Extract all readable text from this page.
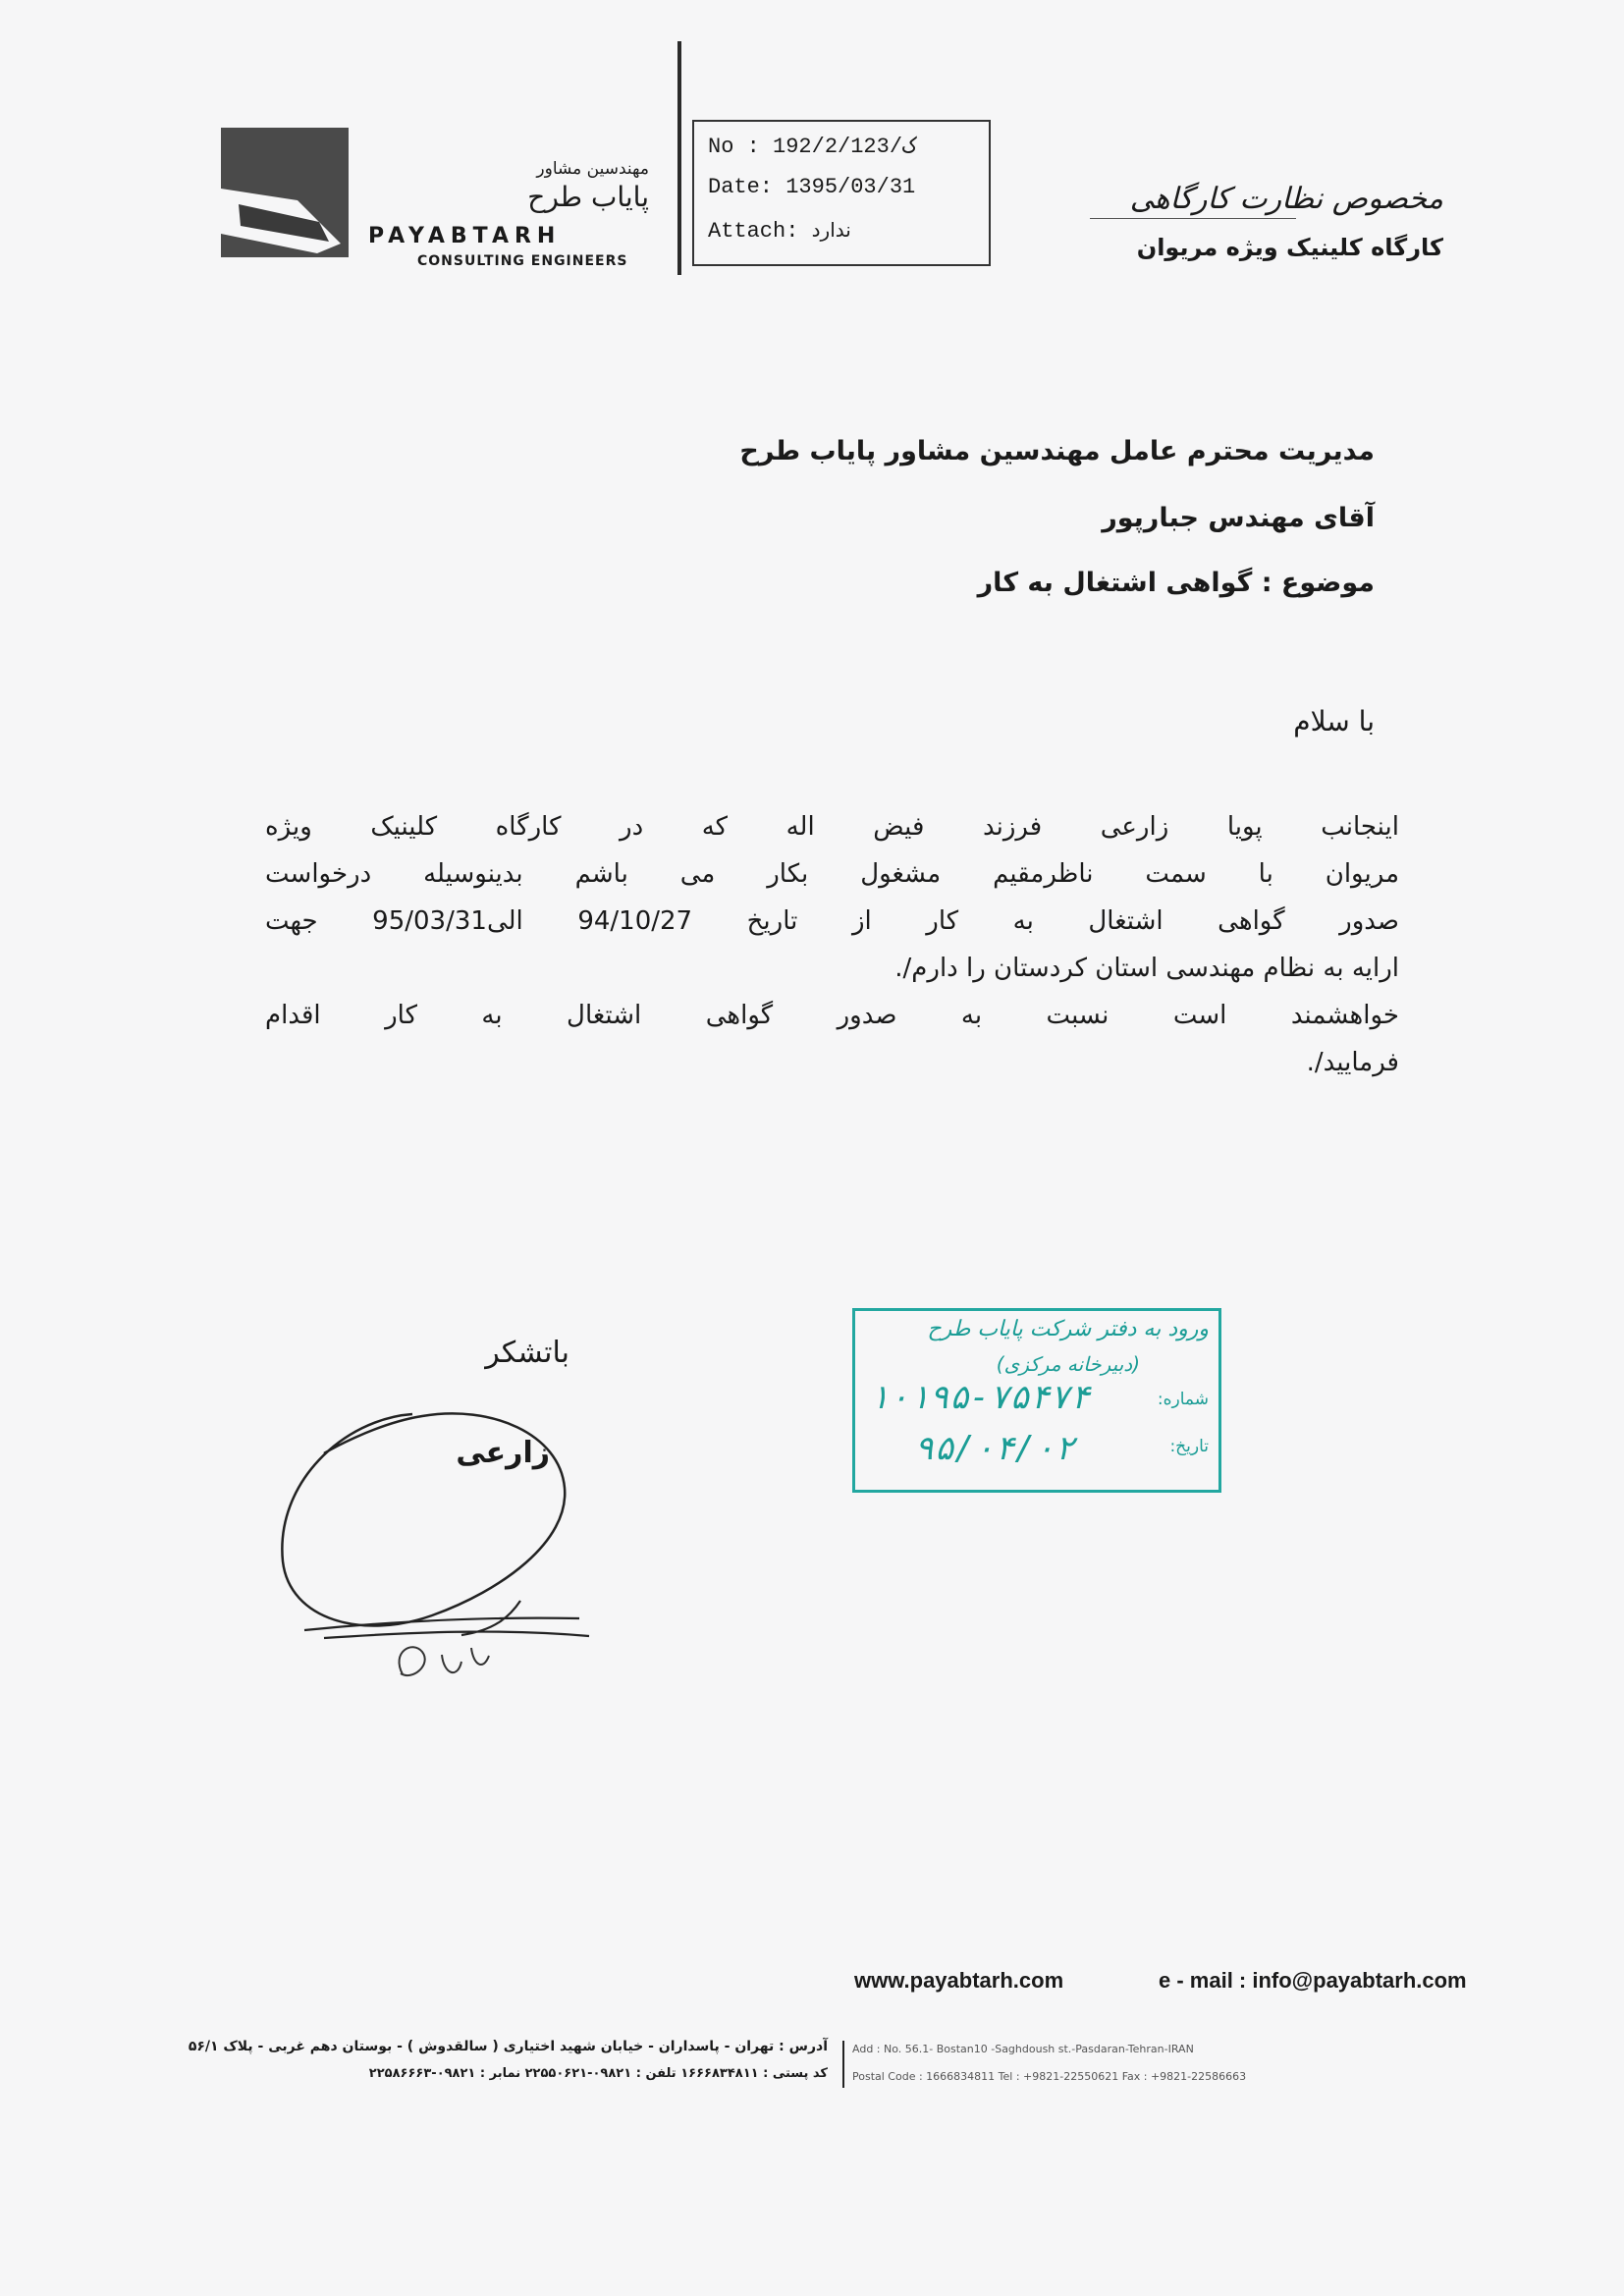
مهندسین مشاور
پایاب طرح
PAYABTARH
CONSULTING ENGINEERS
No : 192/2/ک/123
Date: 1395/03/31
Attach: ندارد
مخصوص نظارت کارگاهی
کارگاه کلینیک ویژه مریوان
مدیریت محترم عامل مهندسین مشاور پایاب طرح
آقای مهندس جبارپور
موضوع : گواهی اشتغال به کار
با سلام
اینجانب پویا زارعی فرزند فیض اله که در کارگاه کلینیک ویژه
مریوان با سمت ناظرمقیم مشغول بکار می باشم بدینوسیله درخواست
صدور گواهی اشتغال به کار از تاریخ 94/10/27 الی95/03/31 جهت
ارایه به نظام مهندسی استان کردستان را دارم/.
خواهشمند است نسبت به صدور گواهی اشتغال به کار اقدام
فرمایید/.
باتشکر
زارعی
ورود به دفتر شرکت پایاب طرح
(دبیرخانه مرکزی)
شماره:
۱۰۱۹۵-۷۵۴۷۴
تاریخ:
۹۵/۰۴/۰۲
www.payabtarh.com	e - mail : info@payabtarh.com
آدرس : تهران - پاسداران - خیابان شهید اختیاری ( سالقدوش ) - بوستان دهم غربی - پلاک ۵۶/۱
کد پستی : ۱۶۶۶۸۳۴۸۱۱ تلفن : ۰۹۸۲۱-۲۲۵۵۰۶۲۱ نمابر : ۰۹۸۲۱-۲۲۵۸۶۶۶۳
Add : No. 56.1- Bostan10 -Saghdoush st.-Pasdaran-Tehran-IRAN
Postal Code : 1666834811 Tel : +9821-22550621 Fax : +9821-22586663
